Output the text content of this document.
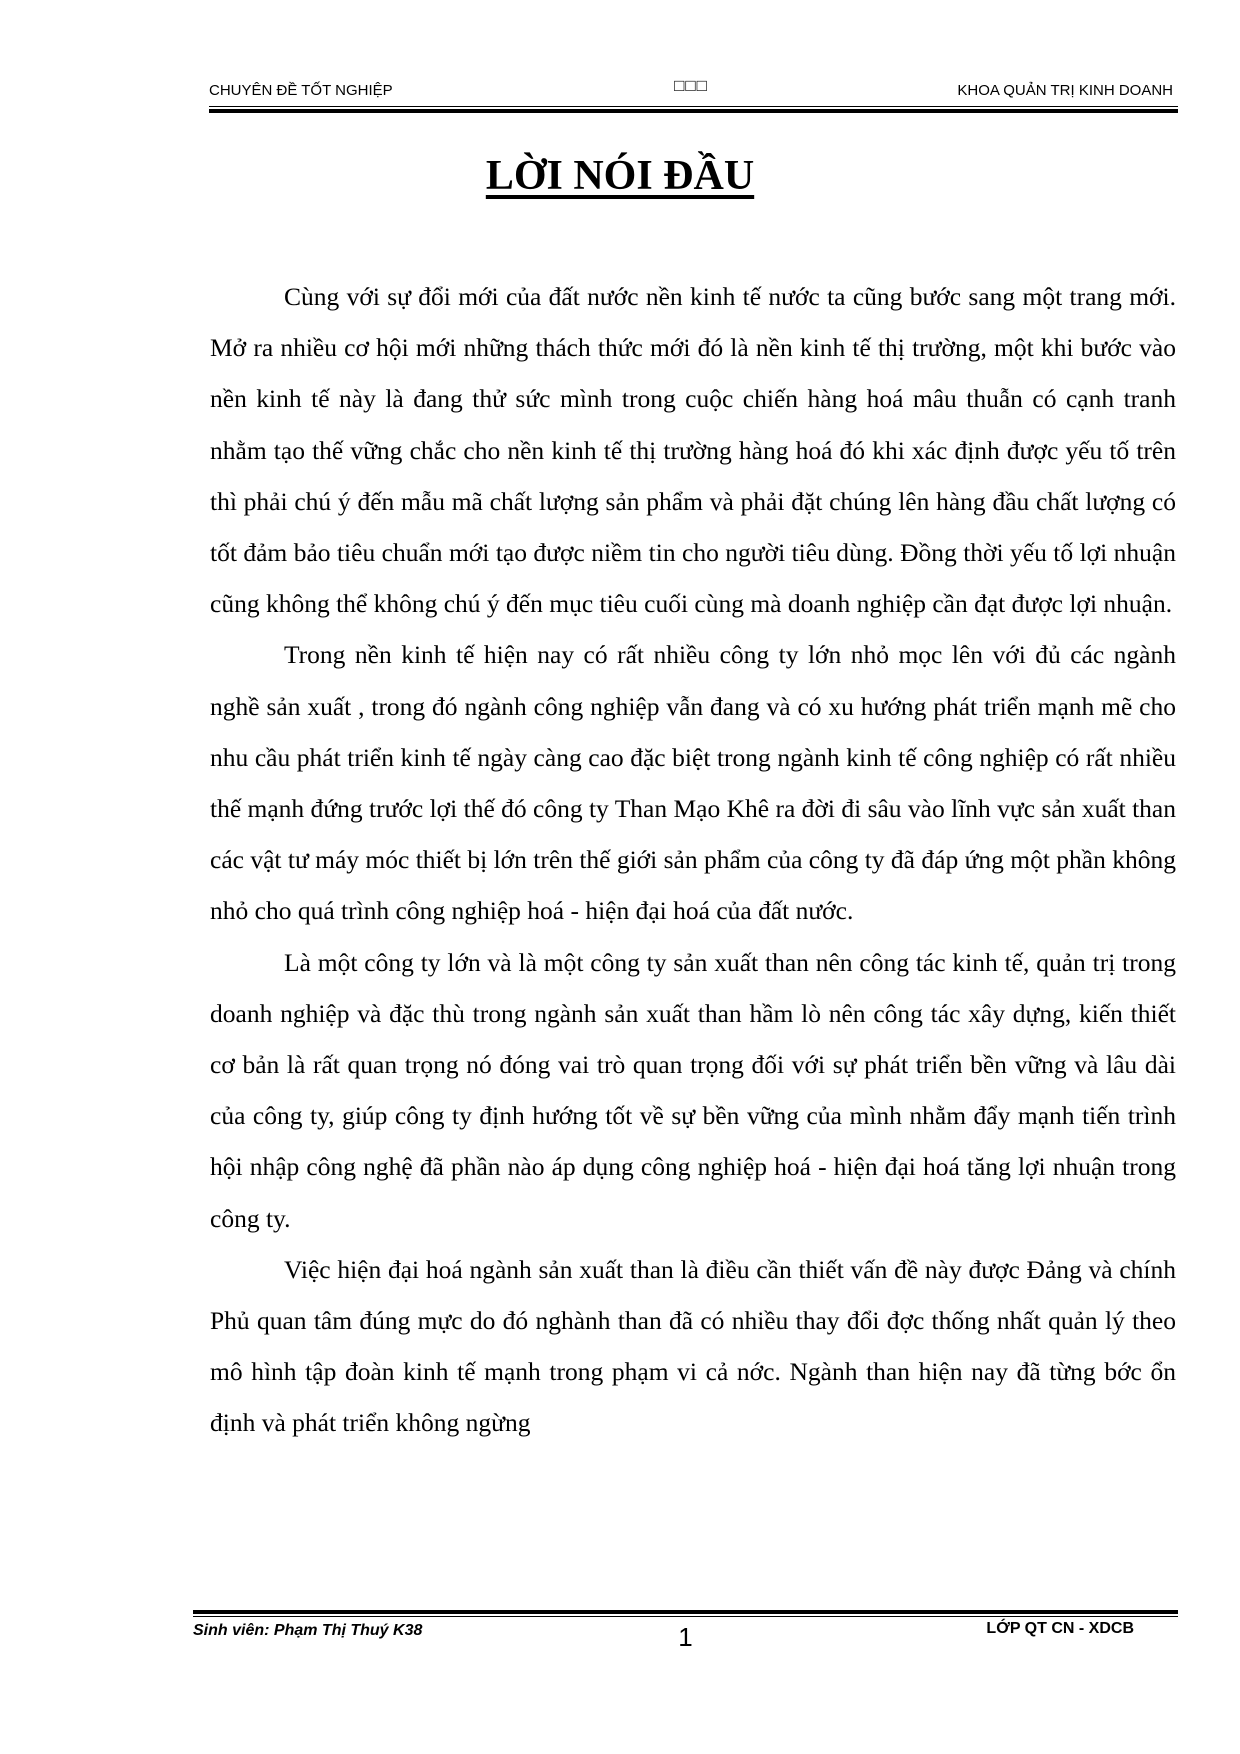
CHUYÊN ĐỀ TỐT NGHIỆP	□□□	KHOA QUẢN TRỊ KINH DOANH
LỜI NÓI ĐẦU

Cùng với sự đổi mới của đất nước nền kinh tế nước ta cũng bước sang một trang mới. Mở ra nhiều cơ hội mới những thách thức mới đó là nền kinh tế thị trường, một khi bước vào nền kinh tế này là đang thử sức mình trong cuộc chiến hàng hoá mâu thuẫn có cạnh tranh nhằm tạo thế vững chắc cho nền kinh tế thị trường hàng hoá đó khi xác định được yếu tố trên thì phải chú ý đến mẫu mã chất lượng sản phẩm và phải đặt chúng lên hàng đầu chất lượng có tốt đảm bảo tiêu chuẩn mới tạo được niềm tin cho người tiêu dùng. Đồng thời yếu tố lợi nhuận cũng không thể không chú ý đến mục tiêu cuối cùng mà doanh nghiệp cần đạt được lợi nhuận.

Trong nền kinh tế hiện nay có rất nhiều công ty lớn nhỏ mọc lên với đủ các ngành nghề sản xuất , trong đó ngành công nghiệp vẫn đang và có xu hướng phát triển mạnh mẽ cho nhu cầu phát triển kinh tế ngày càng cao đặc biệt trong ngành kinh tế công nghiệp có rất nhiều thế mạnh đứng trước lợi thế đó công ty Than Mạo Khê ra đời đi sâu vào lĩnh vực sản xuất than các vật tư máy móc thiết bị lớn trên thế giới sản phẩm của công ty đã đáp ứng một phần không nhỏ cho quá trình công nghiệp hoá - hiện đại hoá của đất nước.

Là một công ty lớn và là một công ty sản xuất than nên công tác kinh tế, quản trị trong doanh nghiệp và đặc thù trong ngành sản xuất than hầm lò nên công tác xây dựng, kiến thiết cơ bản là rất quan trọng nó đóng vai trò quan trọng đối với sự phát triển bền vững và lâu dài của công ty, giúp công ty định hướng tốt về sự bền vững của mình nhằm đẩy mạnh tiến trình hội nhập công nghệ đã phần nào áp dụng công nghiệp hoá - hiện đại hoá tăng lợi nhuận trong công ty.

Việc hiện đại hoá ngành sản xuất than là điều cần thiết vấn đề này được Đảng và chính Phủ quan tâm đúng mực do đó nghành than đã có nhiều thay đổi đợc thống nhất quản lý theo mô hình tập đoàn kinh tế mạnh trong phạm vi cả nớc. Ngành than hiện nay đã từng bớc ổn định và phát triển không ngừng

Sinh viên: Phạm Thị Thuý K38	1	LỚP QT CN - XDCB
